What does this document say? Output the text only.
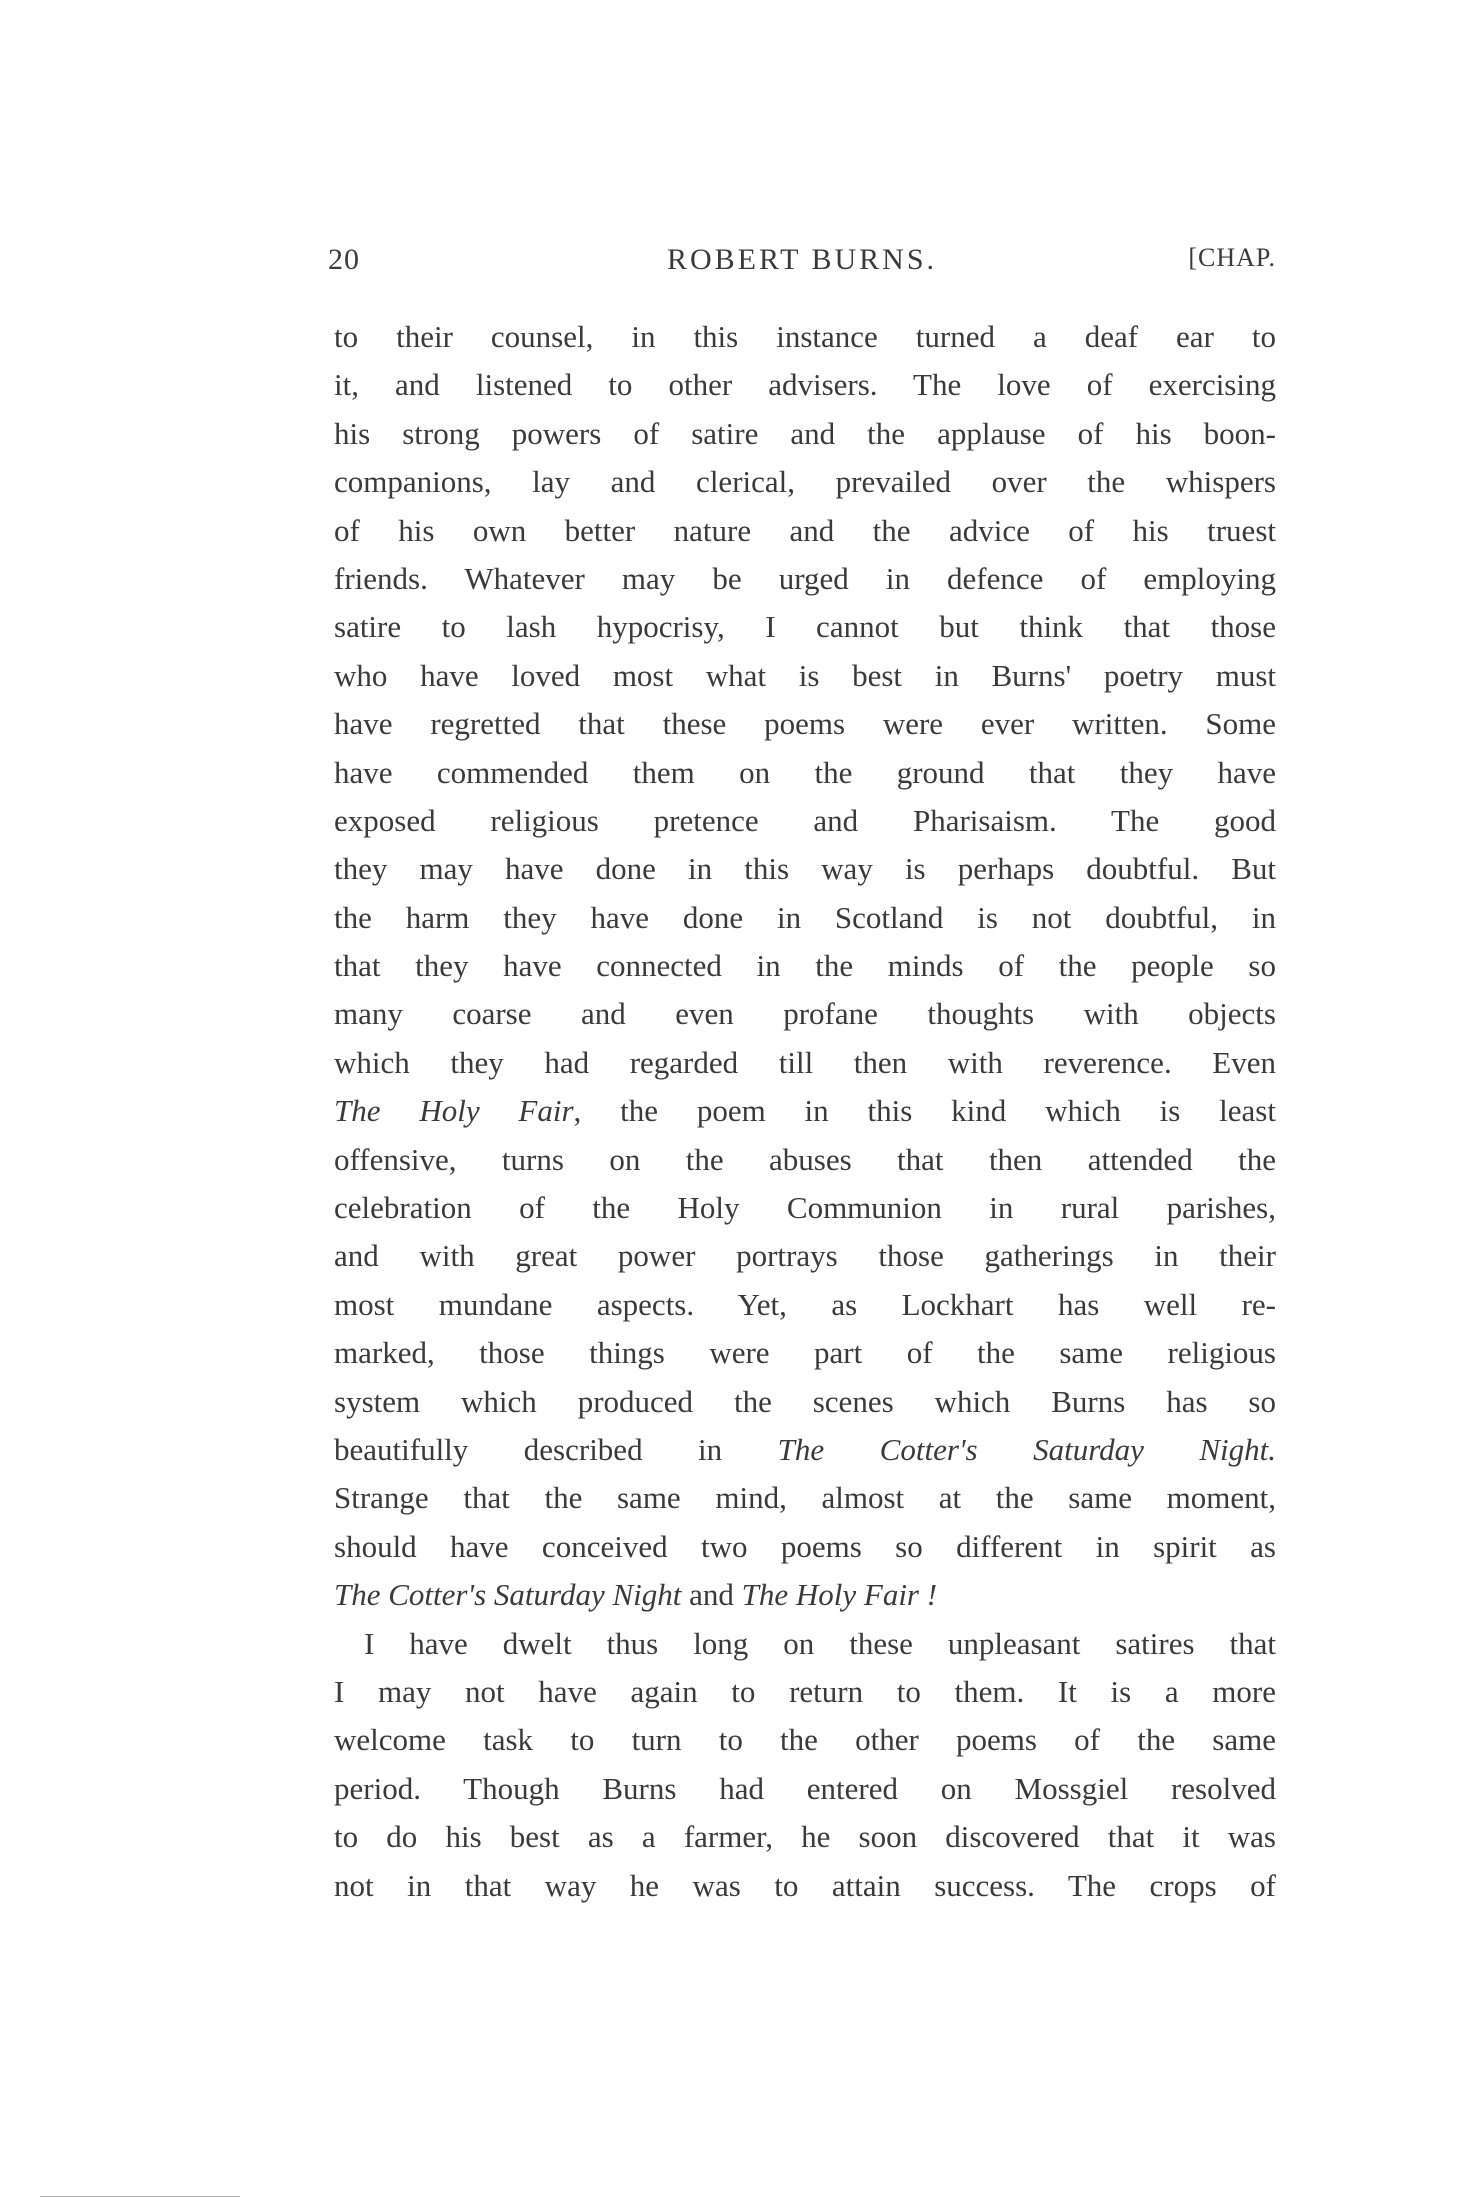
20	ROBERT BURNS.	[CHAP.
to their counsel, in this instance turned a deaf ear to
it, and listened to other advisers. The love of exercising
his strong powers of satire and the applause of his boon-
companions, lay and clerical, prevailed over the whispers
of his own better nature and the advice of his truest
friends. Whatever may be urged in defence of employing
satire to lash hypocrisy, I cannot but think that those
who have loved most what is best in Burns' poetry must
have regretted that these poems were ever written. Some
have commended them on the ground that they have
exposed religious pretence and Pharisaism. The good
they may have done in this way is perhaps doubtful. But
the harm they have done in Scotland is not doubtful, in
that they have connected in the minds of the people so
many coarse and even profane thoughts with objects
which they had regarded till then with reverence. Even
The Holy Fair, the poem in this kind which is least
offensive, turns on the abuses that then attended the
celebration of the Holy Communion in rural parishes,
and with great power portrays those gatherings in their
most mundane aspects. Yet, as Lockhart has well re-
marked, those things were part of the same religious
system which produced the scenes which Burns has so
beautifully described in The Cotter's Saturday Night.
Strange that the same mind, almost at the same moment,
should have conceived two poems so different in spirit as
The Cotter's Saturday Night and The Holy Fair !
I have dwelt thus long on these unpleasant satires that
I may not have again to return to them. It is a more
welcome task to turn to the other poems of the same
period. Though Burns had entered on Mossgiel resolved
to do his best as a farmer, he soon discovered that it was
not in that way he was to attain success. The crops of
